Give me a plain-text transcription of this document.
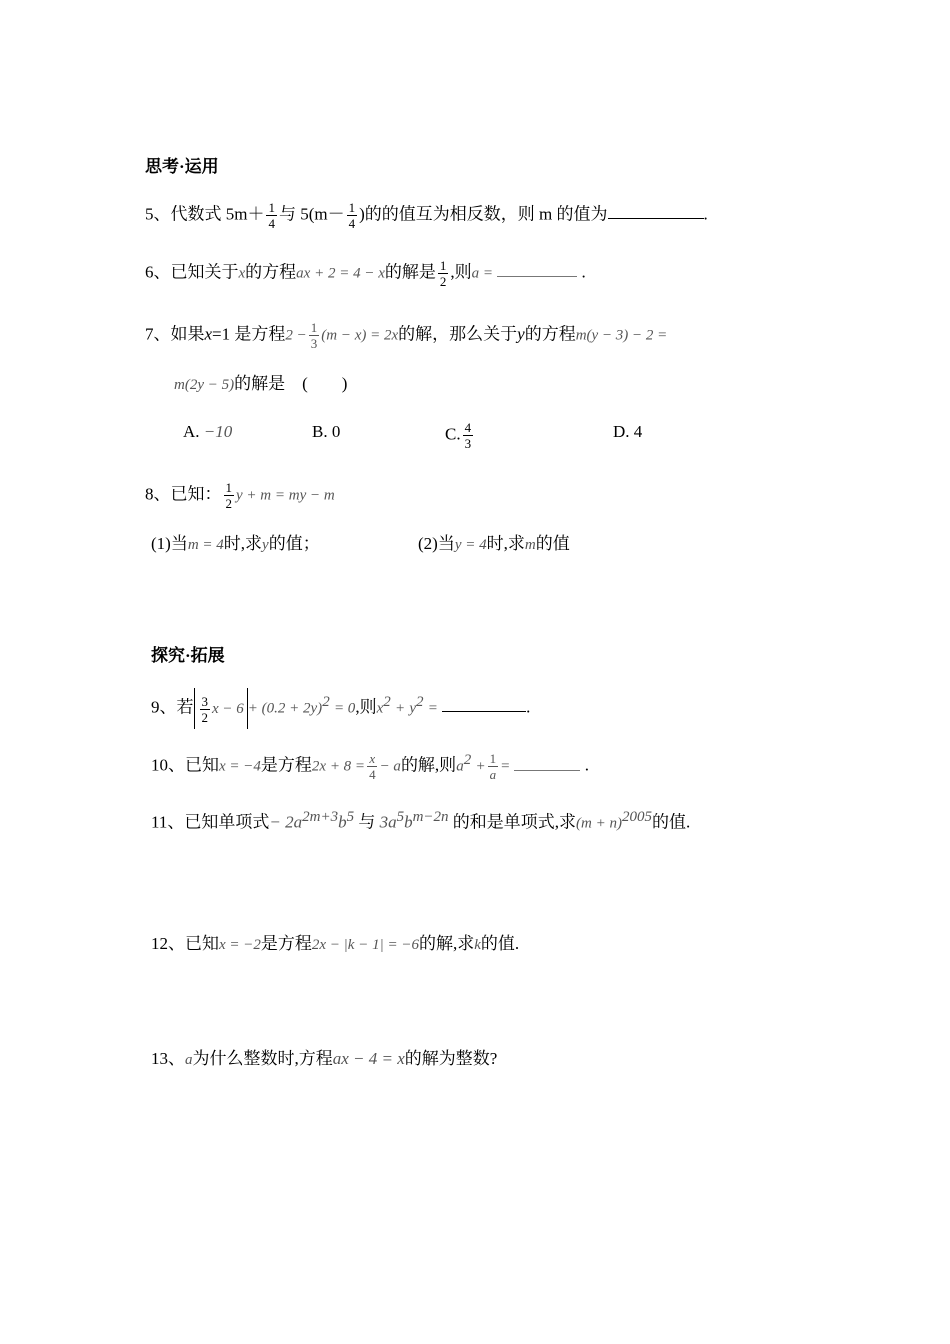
思考·运用
5、代数式 $5m+ \frac{1}{4}$ 与 $5(m- \frac{1}{4}$ )的的值互为相反数，则 m 的值为	.
6、已知关于x的方程ax + 2 = 4 − x的解是 $\frac{1}{2}$ ,则a =	.
7、如果x=1 是方程$2 - \frac{1}{3} (m - x) = 2x$的解，那么关于y的方程m(y − 3) − 2 =
m(2y − 5)的解是 (　　)
A. −10	B. 0	C. $\frac{4}{3}$	D. 4
8、已知： $\frac{1}{2}$ y + m = my − m
(1)当m = 4时,求y的值；	(2)当y = 4时,求m的值
探究·拓展
9、若 $\frac{3}{2}$ $x - 6 + (0.2 + 2y)^2 = 0$,则$x^2 + y^2$ =	.
10、已知x = −4是方程$2x + 8 = \frac{x}{4} - a$的解,则$a^2 + \frac{1}{a}$ =	.
11、已知单项式− $2a^{2m+3}b^5$ 与 $3a^5b^{m-2n}$ 的和是单项式,求$(m + n)^{2005}$的值.
12、已知x = −2是方程2x − |k − 1| = −6的解,求k的值.
13、a为什么整数时,方程ax − 4 = x的解为整数?
